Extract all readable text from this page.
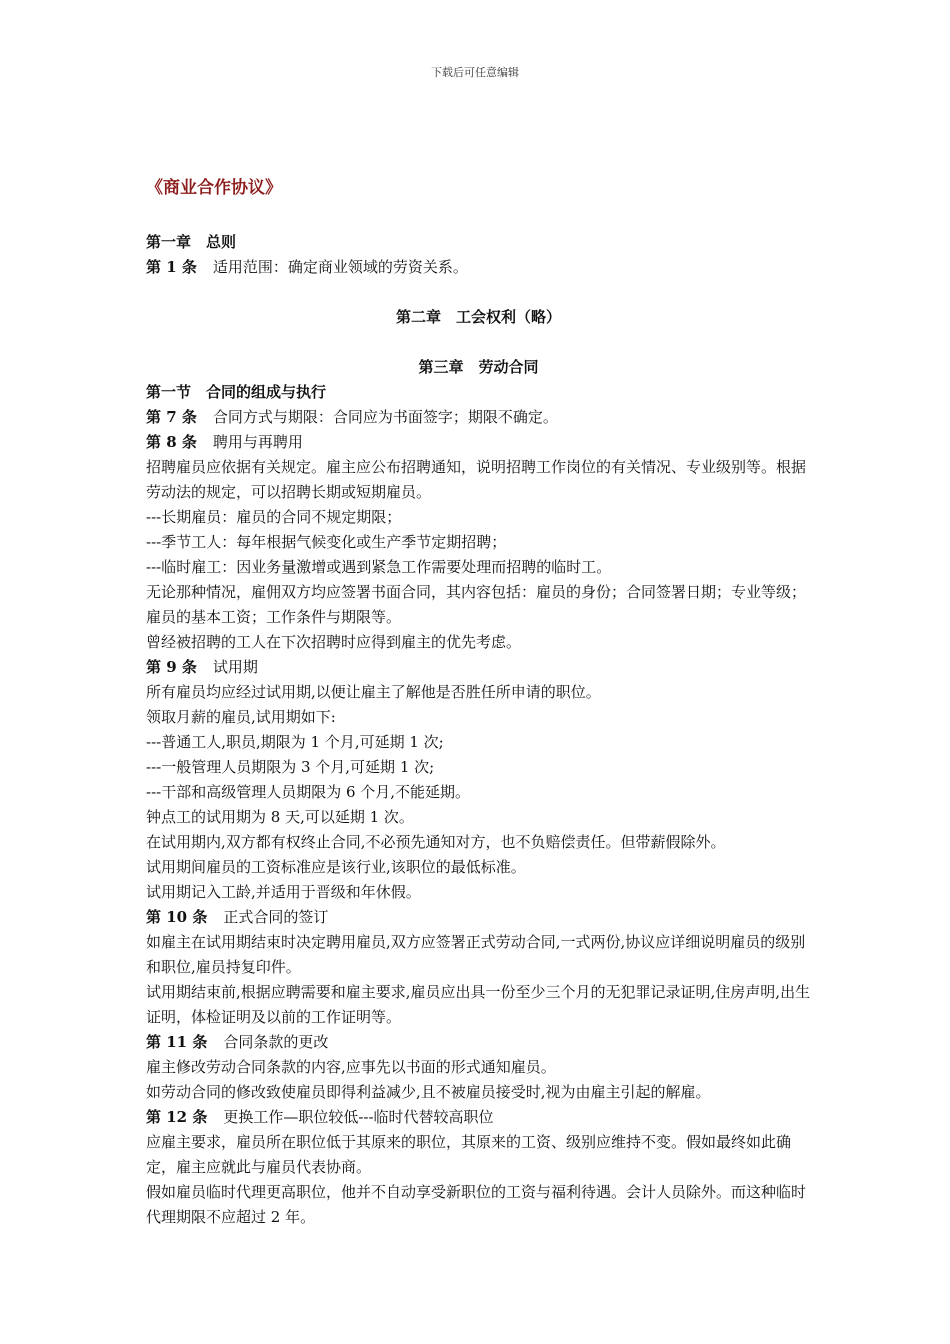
下载后可任意编辑
《商业合作协议》
第一章　总则
第 1 条 适用范围：确定商业领域的劳资关系。
第二章　工会权利（略）
第三章　劳动合同
第一节　合同的组成与执行
第 7 条 合同方式与期限：合同应为书面签字；期限不确定。
第 8 条 聘用与再聘用
招聘雇员应依据有关规定。雇主应公布招聘通知，说明招聘工作岗位的有关情况、专业级别等。根据劳动法的规定，可以招聘长期或短期雇员。
---长期雇员：雇员的合同不规定期限；
---季节工人：每年根据气候变化或生产季节定期招聘；
---临时雇工：因业务量激增或遇到紧急工作需要处理而招聘的临时工。
无论那种情况，雇佣双方均应签署书面合同，其内容包括：雇员的身份；合同签署日期；专业等级；雇员的基本工资；工作条件与期限等。
曾经被招聘的工人在下次招聘时应得到雇主的优先考虑。
第 9 条 试用期
所有雇员均应经过试用期,以便让雇主了解他是否胜任所申请的职位。
领取月薪的雇员,试用期如下:
---普通工人,职员,期限为 1 个月,可延期 1 次;
---一般管理人员期限为 3 个月,可延期 1 次;
---干部和高级管理人员期限为 6 个月,不能延期。
钟点工的试用期为 8 天,可以延期 1 次。
在试用期内,双方都有权终止合同,不必预先通知对方，也不负赔偿责任。但带薪假除外。
试用期间雇员的工资标准应是该行业,该职位的最低标准。
试用期记入工龄,并适用于晋级和年休假。
第 10 条 正式合同的签订
如雇主在试用期结束时决定聘用雇员,双方应签署正式劳动合同,一式两份,协议应详细说明雇员的级别和职位,雇员持复印件。
试用期结束前,根据应聘需要和雇主要求,雇员应出具一份至少三个月的无犯罪记录证明,住房声明,出生证明，体检证明及以前的工作证明等。
第 11 条 合同条款的更改
雇主修改劳动合同条款的内容,应事先以书面的形式通知雇员。
如劳动合同的修改致使雇员即得利益减少,且不被雇员接受时,视为由雇主引起的解雇。
第 12 条 更换工作—职位较低---临时代替较高职位
应雇主要求，雇员所在职位低于其原来的职位，其原来的工资、级别应维持不变。假如最终如此确定，雇主应就此与雇员代表协商。
假如雇员临时代理更高职位，他并不自动享受新职位的工资与福利待遇。会计人员除外。而这种临时代理期限不应超过 2 年。
